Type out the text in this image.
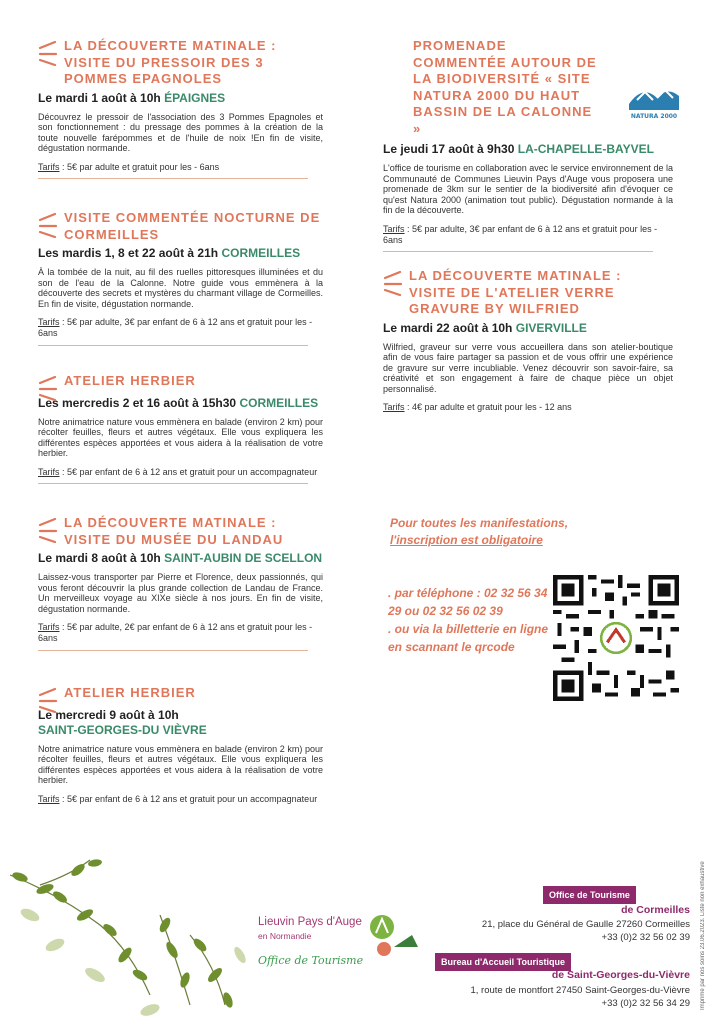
LA DÉCOUVERTE MATINALE : VISITE DU PRESSOIR DES 3 POMMES EPAGNOLES
Le mardi 1 août à 10h ÉPAIGNES
Découvrez le pressoir de l'association des 3 Pommes Epagnoles et son fonctionnement : du pressage des pommes à la création de la toute nouvelle farépommes et de l'huile de noix !En fin de visite, dégustation normande.
Tarifs : 5€ par adulte et gratuit pour les - 6ans
VISITE COMMENTÉE NOCTURNE DE CORMEILLES
Les mardis 1, 8 et 22 août à 21h CORMEILLES
À la tombée de la nuit, au fil des ruelles pittoresques illuminées et du son de l'eau de la Calonne. Notre guide vous emmènera à la découverte des secrets et mystères du charmant village de Cormeilles. En fin de visite, dégustation normande.
Tarifs : 5€ par adulte, 3€ par enfant de 6 à 12 ans et gratuit pour les - 6ans
ATELIER HERBIER
Les mercredis 2 et 16 août à 15h30 CORMEILLES
Notre animatrice nature vous emmènera en balade (environ 2 km) pour récolter feuilles, fleurs et autres végétaux. Elle vous expliquera les différentes espèces apportées et vous aidera à la réalisation de votre herbier.
Tarifs : 5€ par enfant de 6 à 12 ans et gratuit pour un accompagnateur
LA DÉCOUVERTE MATINALE : VISITE DU MUSÉE DU LANDAU
Le mardi 8 août à 10h SAINT-AUBIN DE SCELLON
Laissez-vous transporter par Pierre et Florence, deux passionnés, qui vous feront découvrir la plus grande collection de Landau de France. Un merveilleux voyage au XIXe siècle à nos jours. En fin de visite, dégustation normande.
Tarifs : 5€ par adulte, 2€ par enfant de 6 à 12 ans et gratuit pour les - 6ans
ATELIER HERBIER
Le mercredi 9 août à 10h
SAINT-GEORGES-DU VIÈVRE
Notre animatrice nature vous emmènera en balade (environ 2 km) pour récolter feuilles, fleurs et autres végétaux. Elle vous expliquera les différentes espèces apportées et vous aidera à la réalisation de votre herbier.
Tarifs : 5€ par enfant de 6 à 12 ans et gratuit pour un accompagnateur
PROMENADE COMMENTÉE AUTOUR DE LA BIODIVERSITÉ « SITE NATURA 2000 DU HAUT BASSIN DE LA CALONNE »
NATURA 2000
Le jeudi 17 août à 9h30 LA-CHAPELLE-BAYVEL
L'office de tourisme en collaboration avec le service environnement de la Communauté de Communes Lieuvin Pays d'Auge vous proposera une promenade de 3km sur le sentier de la biodiversité afin d'évoquer ce qu'est Natura 2000 (animation tout public). Dégustation normande à la fin de la découverte.
Tarifs : 5€ par adulte, 3€ par enfant de 6 à 12 ans et gratuit pour les - 6ans
LA DÉCOUVERTE MATINALE : VISITE DE L'ATELIER VERRE GRAVURE BY WILFRIED
Le mardi 22 août à 10h GIVERVILLE
Wilfried, graveur sur verre vous accueillera dans son atelier-boutique afin de vous faire partager sa passion et de vous offrir une expérience de gravure sur verre incubliable. Venez découvrir son savoir-faire, sa créativité et son engagement à faire de chaque pièce un objet personnalisé.
Tarifs : 4€ par adulte et gratuit pour les - 12 ans
Pour toutes les manifestations,
l'inscription est obligatoire
. par téléphone : 02 32 56 34 29 ou 02 32 56 02 39
. ou via la billetterie en ligne en scannant le qrcode
Lieuvin Pays d'Auge
en Normandie
Office de Tourisme
Office de Tourisme
de Cormeilles
21, place du Général de Gaulle 27260 Cormeilles
+33 (0)2 32 56 02 39
Bureau d'Accueil Touristique
de Saint-Georges-du-Vièvre
1, route de montfort 27450 Saint-Georges-du-Vièvre
+33 (0)2 32 56 34 29 Imprimé par nos soins 23.06.2023. Liste non exhaustive
